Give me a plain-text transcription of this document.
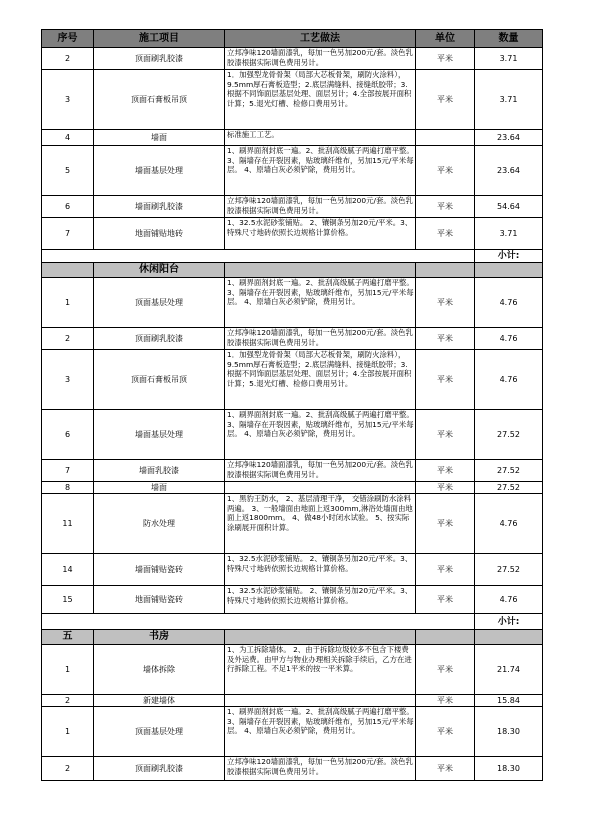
序号	施工项目	工艺做法	单位	数量
2	顶面刷乳胶漆	立邦净味120墙面漆乳，每加一色另加200元/套。淡色乳胶漆根据实际调色费用另计。	平米	3.71
3	顶面石膏板吊顶	1．加强型龙骨骨架（局部大芯板骨架，刷防火涂料），9.5mm厚石膏板造型；2.底层满缝料、接缝纸胶带；3.根据不同饰面层基层处理、面层另计；4.全部按展开面积计算；5.退光灯槽、检修口费用另计。	平米	3.71
4	墙面	标准施工工艺。		23.64
5	墙面基层处理	1、刷界面剂封底一遍。2、批刮高级腻子两遍打磨平整。3、隔墙存在开裂因素，贴玻璃纤维布，另加15元/平米每层。 4、原墙白灰必须铲除，费用另计。	平米	23.64
6	墙面刷乳胶漆	立邦净味120墙面漆乳，每加一色另加200元/套。淡色乳胶漆根据实际调色费用另计。	平米	54.64
7	地面铺贴地砖	1、32.5水泥砂浆铺贴。 2、镶铜条另加20元/平米。3、特殊尺寸地砖依照长边规格计算价格。	平米	3.71
				小计:
	休闲阳台			
1	顶面基层处理	1、刷界面剂封底一遍。2、批刮高级腻子两遍打磨平整。3、隔墙存在开裂因素，贴玻璃纤维布，另加15元/平米每层。 4、原墙白灰必须铲除，费用另计。	平米	4.76
2	顶面刷乳胶漆	立邦净味120墙面漆乳，每加一色另加200元/套。淡色乳胶漆根据实际调色费用另计。	平米	4.76
3	顶面石膏板吊顶	1．加强型龙骨骨架（局部大芯板骨架，刷防火涂料），9.5mm厚石膏板造型；2.底层满缝料、接缝纸胶带；3.根据不同饰面层基层处理、面层另计；4.全部按展开面积计算；5.退光灯槽、检修口费用另计。	平米	4.76
6	墙面基层处理	1、刷界面剂封底一遍。2、批刮高级腻子两遍打磨平整。3、隔墙存在开裂因素，贴玻璃纤维布，另加15元/平米每层。 4、原墙白灰必须铲除，费用另计。	平米	27.52
7	墙面乳胶漆	立邦净味120墙面漆乳，每加一色另加200元/套。淡色乳胶漆根据实际调色费用另计。	平米	27.52
8	墙面		平米	27.52
11	防水处理	1、黑豹王防水， 2、基层清理干净， 交错涂刷防水涂料两遍。 3、一般墙面由地面上返300mm,淋浴处墙面由地面上返1800mm。 4、做48小时闭水试验。 5、按实际涂刷展开面积计算。	平米	4.76
14	墙面铺贴瓷砖	1、32.5水泥砂浆铺贴。 2、镶铜条另加20元/平米。3、特殊尺寸地砖依照长边规格计算价格。	平米	27.52
15	地面铺贴瓷砖	1、32.5水泥砂浆铺贴。 2、镶铜条另加20元/平米。3、特殊尺寸地砖依照长边规格计算价格。	平米	4.76
				小计:
五	书房			
1	墙体拆除	1、为工拆除墙体。 2、由于拆除垃圾较多不包含下楼费及外运费。由甲方与物业办理相关拆除手续后，乙方在进行拆除工程。不足1平米的按一平米算。	平米	21.74
2	新建墙体		平米	15.84
1	顶面基层处理	1、刷界面剂封底一遍。2、批刮高级腻子两遍打磨平整。3、隔墙存在开裂因素，贴玻璃纤维布，另加15元/平米每层。 4、原墙白灰必须铲除，费用另计。	平米	18.30
2	顶面刷乳胶漆	立邦净味120墙面漆乳，每加一色另加200元/套。淡色乳胶漆根据实际调色费用另计。	平米	18.30
